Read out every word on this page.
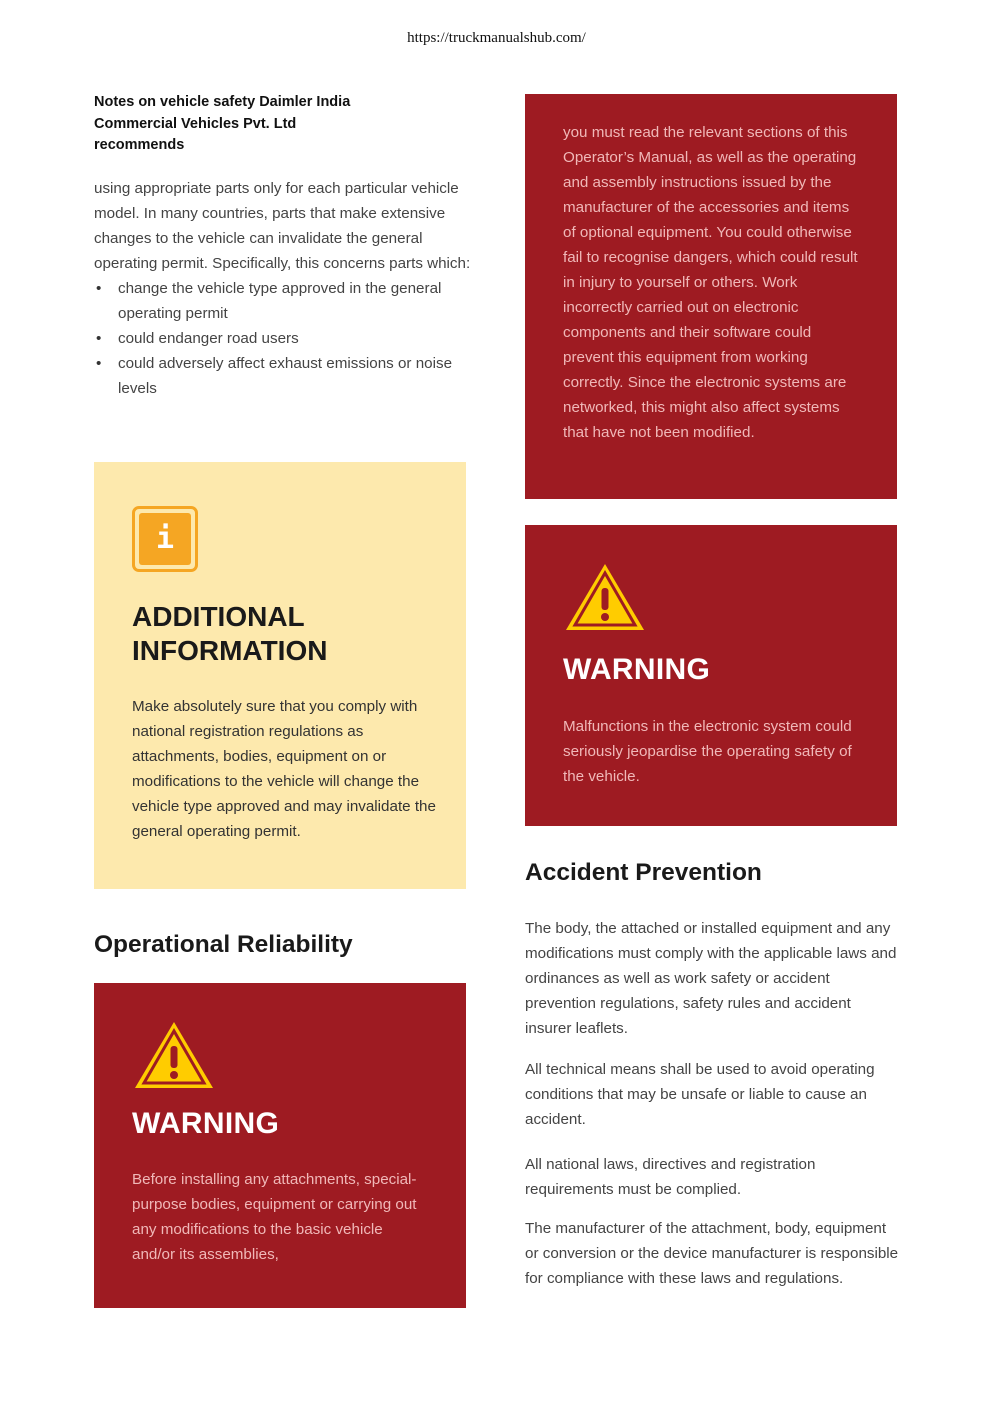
https://truckmanualshub.com/
Notes on vehicle safety Daimler India Commercial Vehicles Pvt. Ltd recommends

using appropriate parts only for each particular vehicle model. In many countries, parts that make extensive changes to the vehicle can invalidate the general operating permit. Specifically, this concerns parts which:

• change the vehicle type approved in the general operating permit
• could endanger road users
• could adversely affect exhaust emissions or noise levels
i
ADDITIONAL INFORMATION
Make absolutely sure that you comply with national registration regulations as attachments, bodies, equipment on or modifications to the vehicle will change the vehicle type approved and may invalidate the general operating permit.
you must read the relevant sections of this Operator’s Manual, as well as the operating and assembly instructions issued by the manufacturer of the accessories and items of optional equipment. You could otherwise fail to recognise dangers, which could result in injury to yourself or others. Work incorrectly carried out on electronic components and their software could prevent this equipment from working correctly. Since the electronic systems are networked, this might also affect systems that have not been modified.
WARNING
Malfunctions in the electronic system could seriously jeopardise the operating safety of the vehicle.
Accident Prevention

The body, the attached or installed equipment and any modifications must comply with the applicable laws and ordinances as well as work safety or accident prevention regulations, safety rules and accident insurer leaflets.

All technical means shall be used to avoid operating conditions that may be unsafe or liable to cause an accident.

All national laws, directives and registration requirements must be complied.

The manufacturer of the attachment, body, equipment or conversion or the device manufacturer is responsible for compliance with these laws and regulations.

Operational Reliability
WARNING
Before installing any attachments, special-purpose bodies, equipment or carrying out any modifications to the basic vehicle and/or its assemblies,
